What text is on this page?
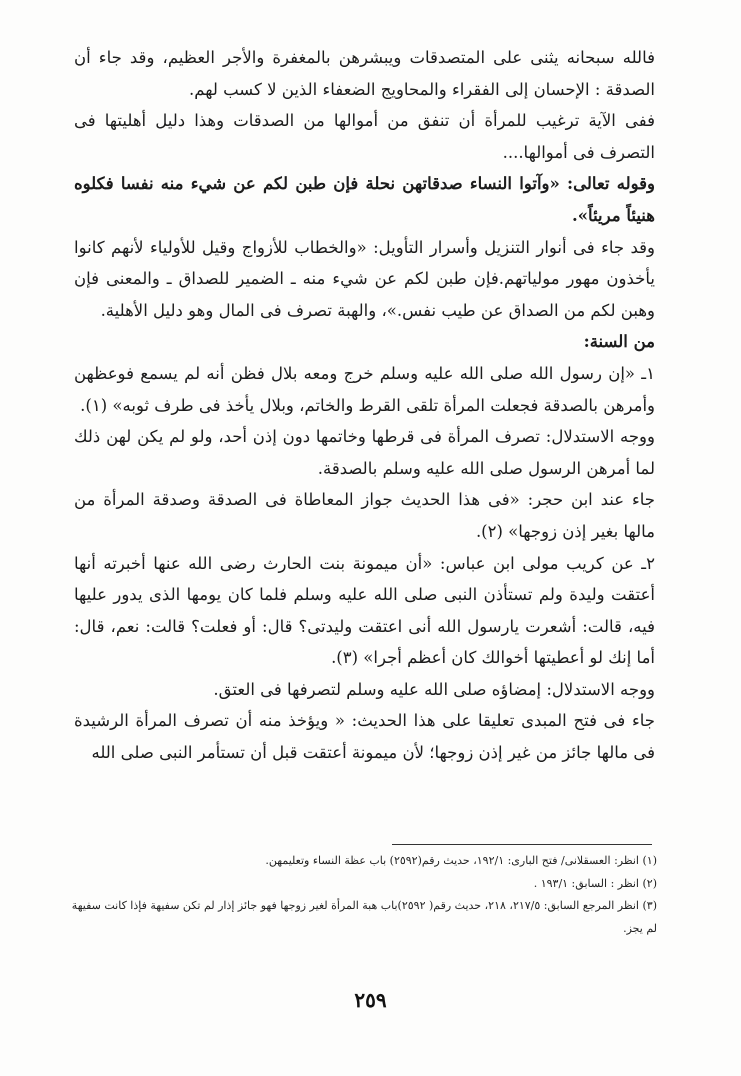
فالله سبحانه يثنى على المتصدقات ويبشرهن بالمغفرة والأجر العظيم، وقد جاء أن الصدقة : الإحسان إلى الفقراء والمحاويج الضعفاء الذين لا كسب لهم.

ففى الآية ترغيب للمرأة أن تنفق من أموالها من الصدقات وهذا دليل أهليتها فى التصرف فى أموالها....

وقوله تعالى: «وآتوا النساء صدقاتهن نحلة فإن طبن لكم عن شيء منه نفسا فكلوه هنيئاً مريئاً».

وقد جاء فى أنوار التنزيل وأسرار التأويل: «والخطاب للأزواج وقيل للأولياء لأنهم كانوا يأخذون مهور مولياتهم.فإن طبن لكم عن شيء منه ـ الضمير للصداق ـ والمعنى فإن وهبن لكم من الصداق عن طيب نفس.»، والهبة تصرف فى المال وهو دليل الأهلية.

من السنة:

١ـ «إن رسول الله صلى الله عليه وسلم خرج ومعه بلال فظن أنه لم يسمع فوعظهن وأمرهن بالصدقة فجعلت المرأة تلقى القرط والخاتم، وبلال يأخذ فى طرف ثوبه» (١).

ووجه الاستدلال: تصرف المرأة فى قرطها وخاتمها دون إذن أحد، ولو لم يكن لهن ذلك لما أمرهن الرسول صلى الله عليه وسلم بالصدقة.

جاء عند ابن حجر: «فى هذا الحديث جواز المعاطاة فى الصدقة وصدقة المرأة من مالها بغير إذن زوجها» (٢).

٢ـ عن كريب مولى ابن عباس: «أن ميمونة بنت الحارث رضى الله عنها أخبرته أنها أعتقت وليدة ولم تستأذن النبى صلى الله عليه وسلم فلما كان يومها الذى يدور عليها فيه، قالت: أشعرت يارسول الله أنى اعتقت وليدتى؟ قال: أو فعلت؟ قالت: نعم، قال: أما إنك لو أعطيتها أخوالك كان أعظم أجرا» (٣).

ووجه الاستدلال: إمضاؤه صلى الله عليه وسلم لتصرفها فى العتق.

جاء فى فتح المبدى تعليقا على هذا الحديث: « ويؤخذ منه أن تصرف المرأة الرشيدة فى مالها جائز من غير إذن زوجها؛ لأن ميمونة أعتقت قبل أن تستأمر النبى صلى الله

(١) انظر: العسقلانى/ فتح البارى: ١٩٢/١، حديث رقم(٢٥٩٢) باب عظة النساء وتعليمهن.

(٢) انظر : السابق: ١٩٣/١ .

(٣) انظر المرجع السابق: ٢١٧/٥، ٢١٨، حديث رقم( ٢٥٩٢)باب هبة المرأة لغير زوجها فهو جائز إذار لم تكن سفيهة فإذا كانت سفيهة لم يجز.

٢٥٩
